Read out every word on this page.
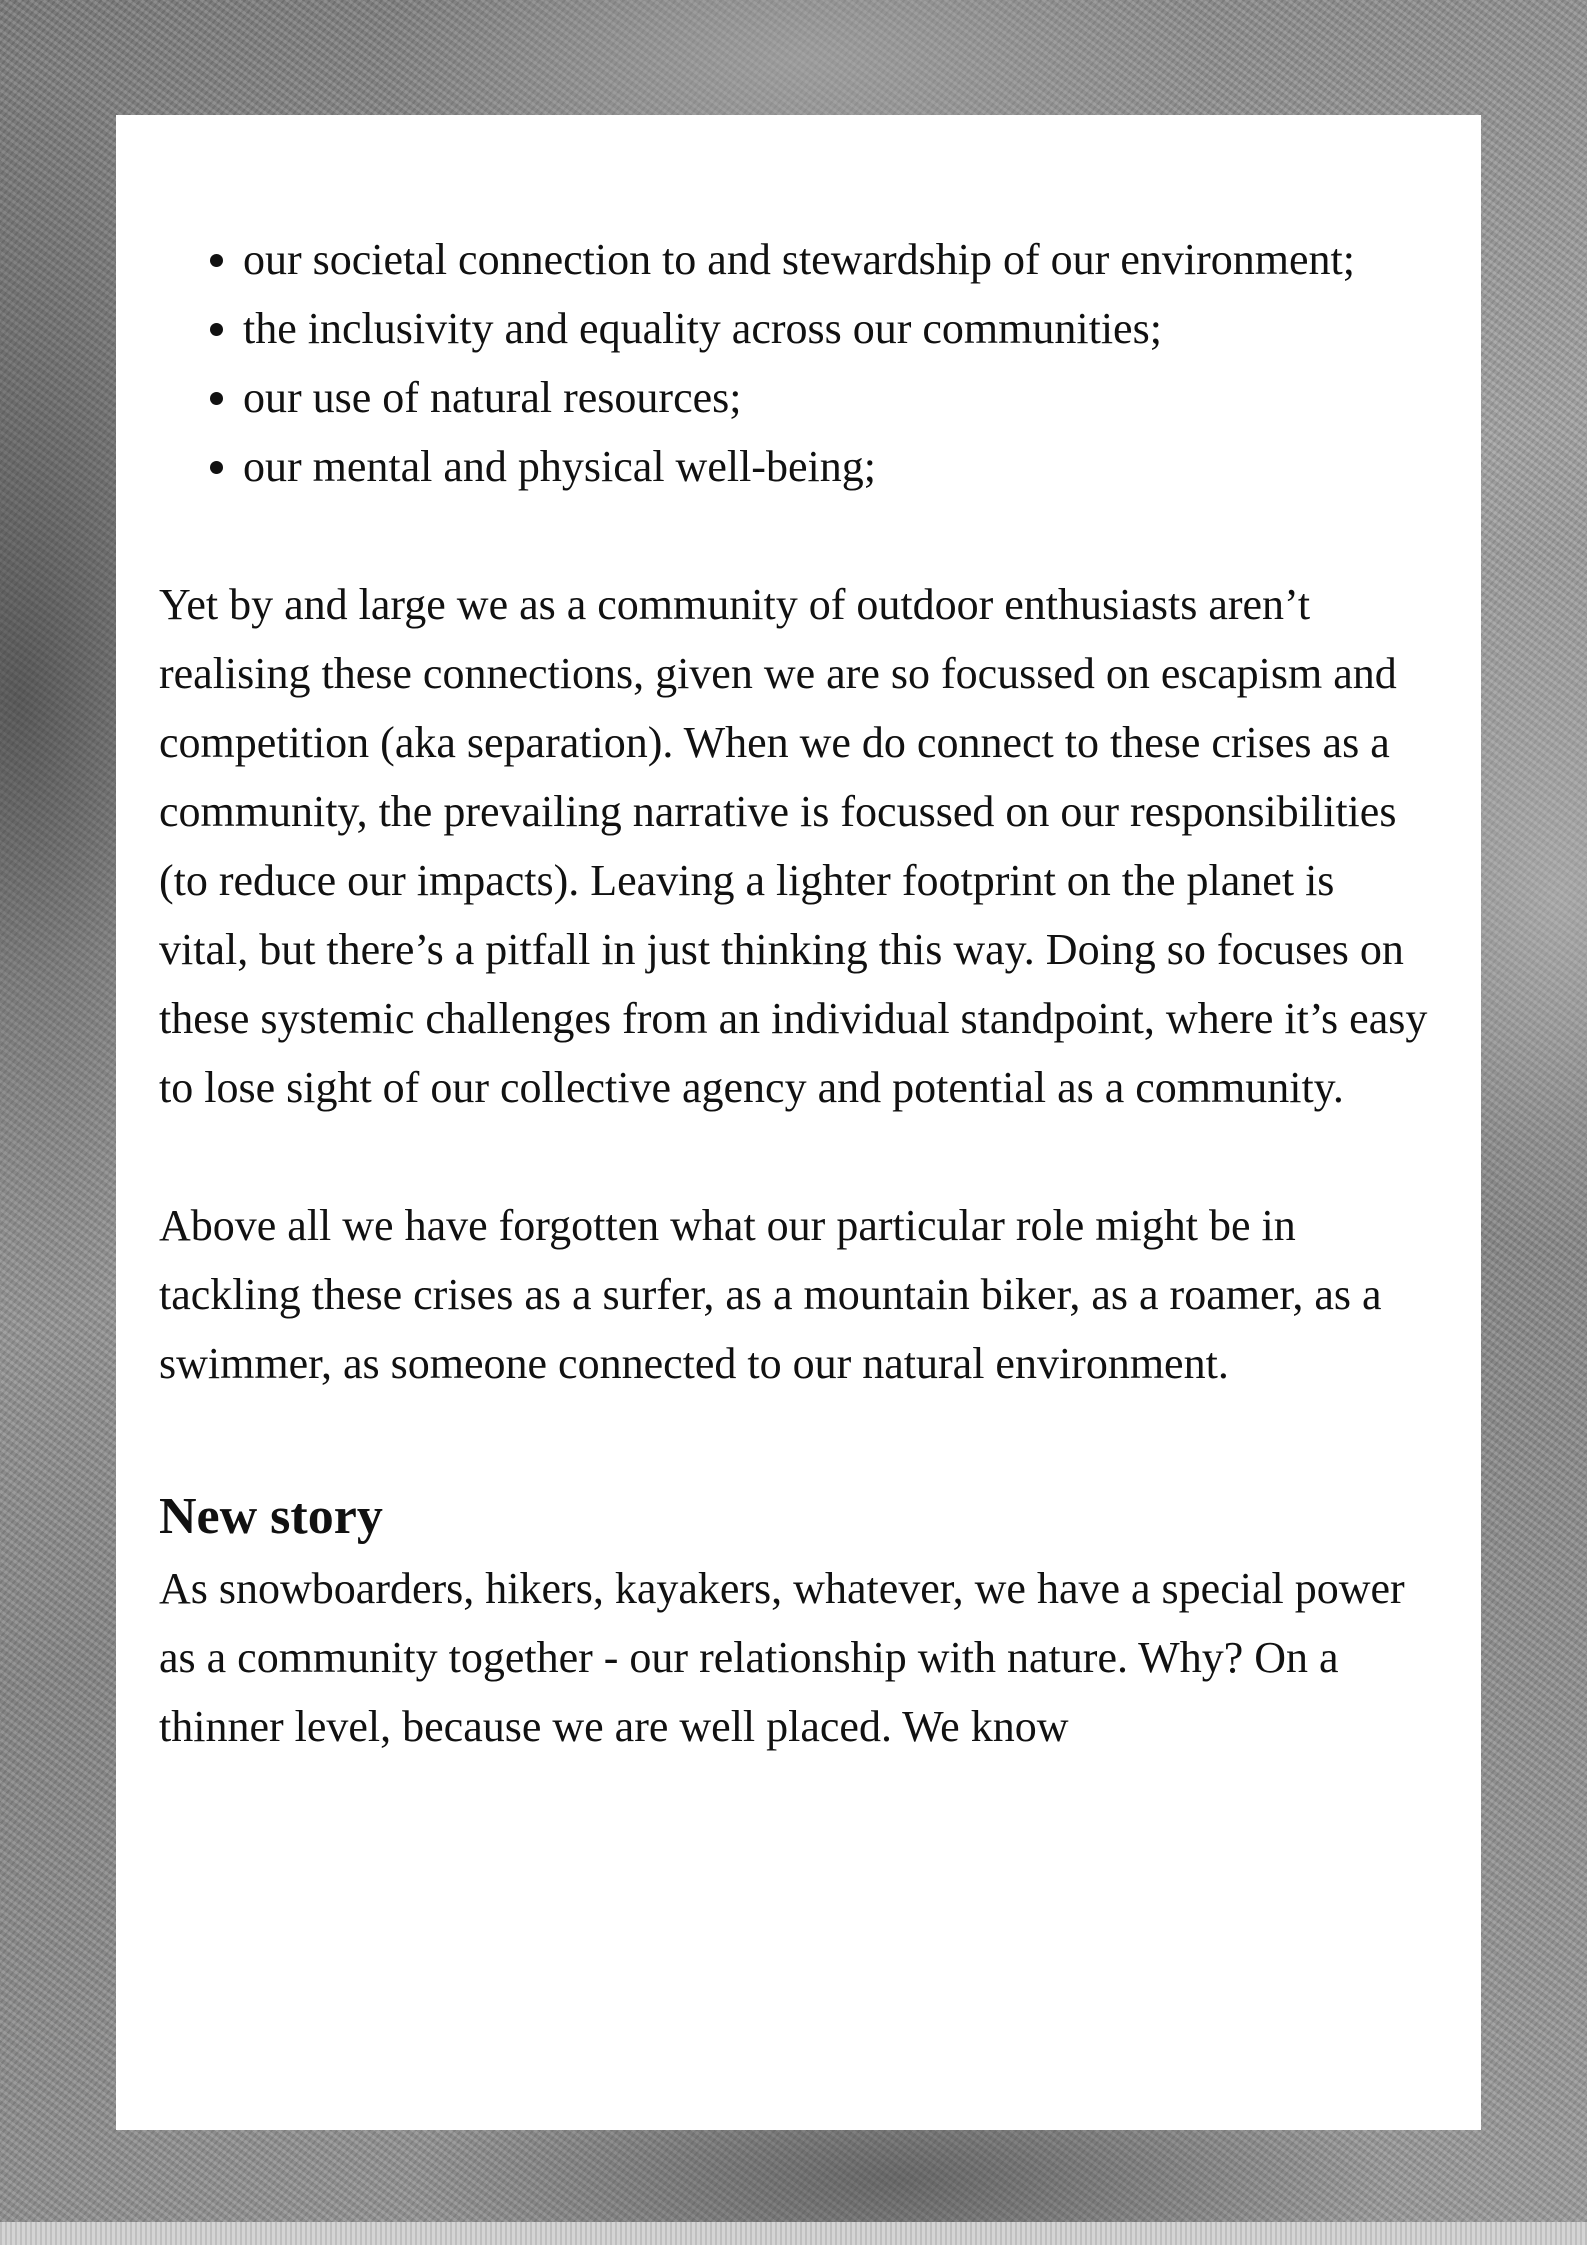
• our societal connection to and stewardship of our environment;
• the inclusivity and equality across our communities;
• our use of natural resources;
• our mental and physical well-being;

Yet by and large we as a community of outdoor enthusiasts aren’t realising these connections, given we are so focussed on escapism and competition (aka separation). When we do connect to these crises as a community, the prevailing narrative is focussed on our responsibilities (to reduce our impacts). Leaving a lighter footprint on the planet is vital, but there’s a pitfall in just thinking this way. Doing so focuses on these systemic challenges from an individual standpoint, where it’s easy to lose sight of our collective agency and potential as a community.

Above all we have forgotten what our particular role might be in tackling these crises as a surfer, as a mountain biker, as a roamer, as a swimmer, as someone connected to our natural environment.

New story

As snowboarders, hikers, kayakers, whatever, we have a special power as a community together - our relationship with nature. Why? On a thinner level, because we are well placed. We know
